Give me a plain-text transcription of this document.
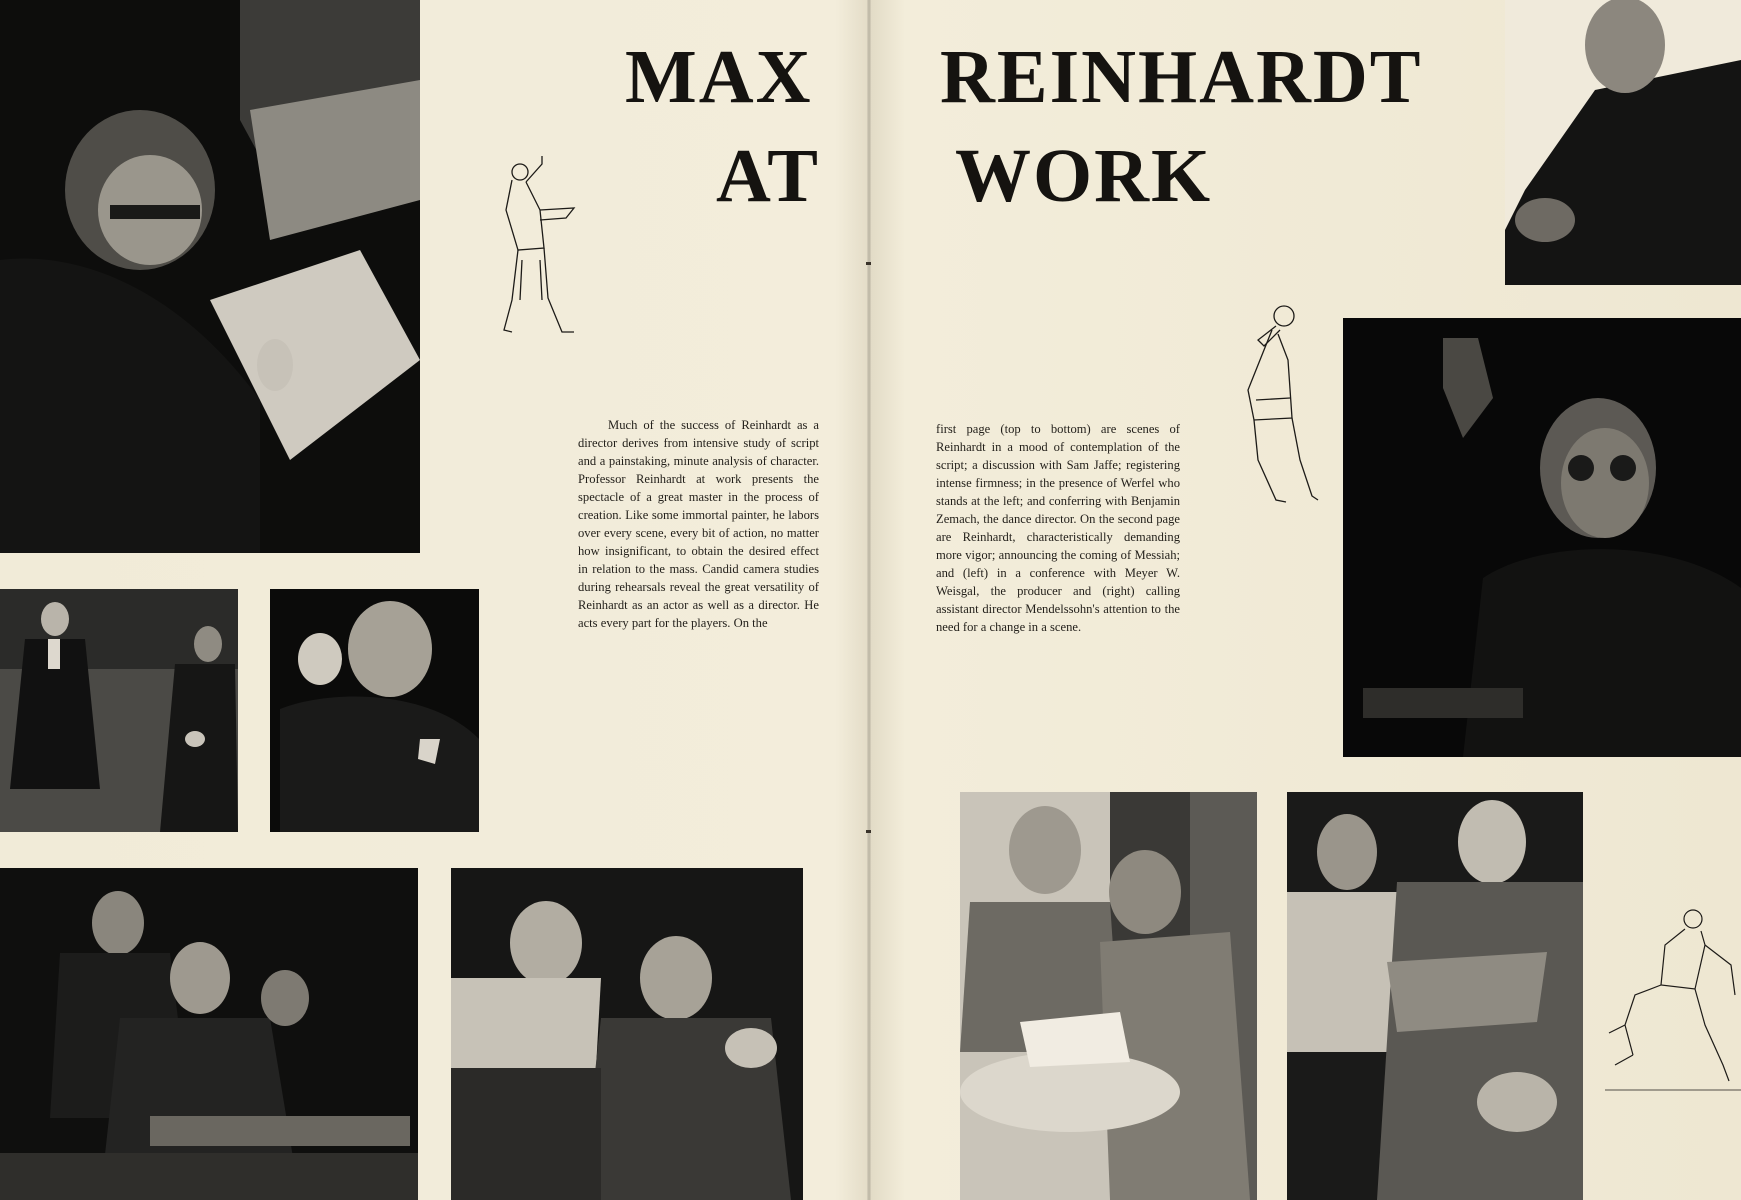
MAX

AT

REINHARDT

WORK

Much of the success of Reinhardt as a director derives from intensive study of script and a painstaking, minute analysis of character. Professor Reinhardt at work presents the spectacle of a great master in the process of creation. Like some immortal painter, he labors over every scene, every bit of action, no matter how insignificant, to obtain the desired effect in relation to the mass. Candid camera studies during rehearsals reveal the great versatility of Reinhardt as an actor as well as a director. He acts every part for the players. On the

first page (top to bottom) are scenes of Reinhardt in a mood of contemplation of the script; a discussion with Sam Jaffe; registering intense firmness; in the presence of Werfel who stands at the left; and conferring with Benjamin Zemach, the dance director. On the second page are Reinhardt, characteristically demanding more vigor; announcing the coming of Messiah; and (left) in a conference with Meyer W. Weisgal, the producer and (right) calling assistant director Mendelssohn's attention to the need for a change in a scene.
